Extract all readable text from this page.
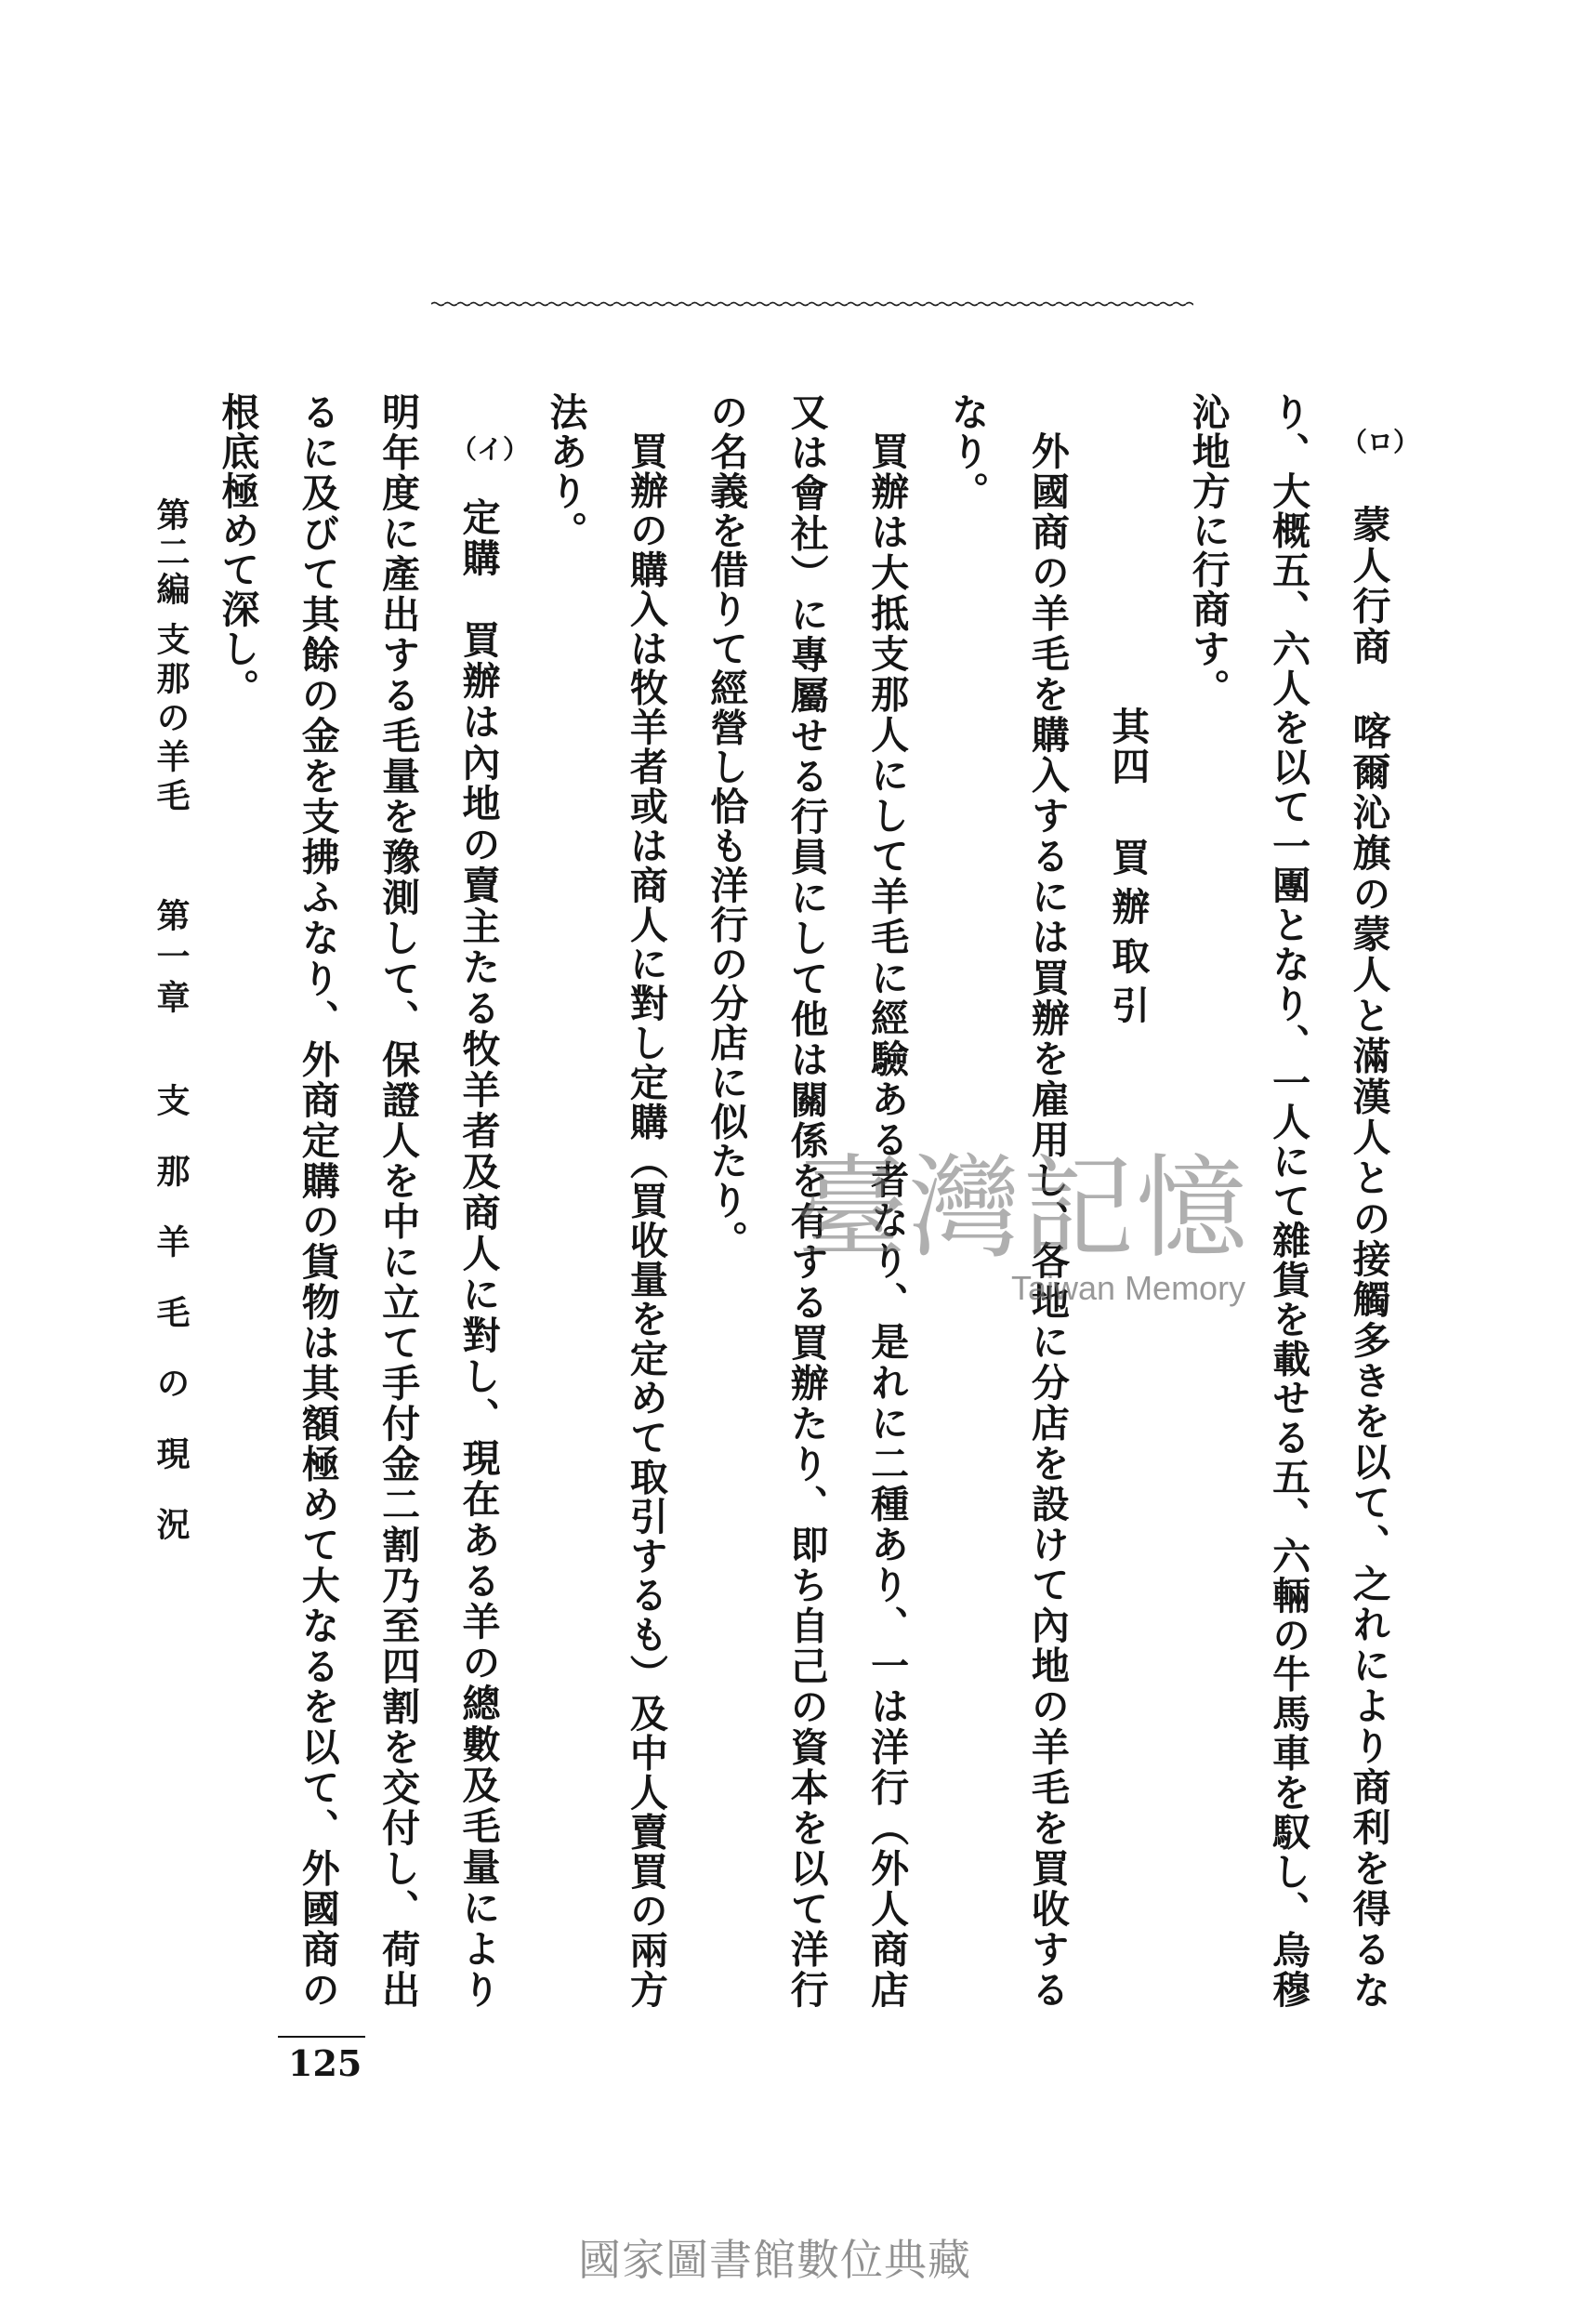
（ロ）蒙人行商喀爾沁旗の蒙人と滿漢人との接觸多きを以て、之れにより商利を得るな
り、大概五、六人を以て一團となり、一人にて雜貨を載せる五、六輛の牛馬車を馭し、烏穆
沁地方に行商す。
其四買辦取引
外國商の羊毛を購入するには買辦を雇用し、各地に分店を設けて內地の羊毛を買收する
なり。
買辦は大抵支那人にして羊毛に經驗ある者なり、是れに二種あり、一は洋行（外人商店
又は會社）に專屬せる行員にして他は關係を有する買辦たり、即ち自己の資本を以て洋行
の名義を借りて經營し恰も洋行の分店に似たり。
買辦の購入は牧羊者或は商人に對し定購（買收量を定めて取引するも）及中人賣買の兩方
法あり。
（イ）定購買辦は內地の賣主たる牧羊者及商人に對し、現在ある羊の總數及毛量により
明年度に產出する毛量を豫測して、保證人を中に立て手付金二割乃至四割を交付し、荷出
るに及びて其餘の金を支拂ふなり、外商定購の貨物は其額極めて大なるを以て、外國商の
根底極めて深し。
第二編
支那の羊毛
第一章
支那羊毛の現況
125
臺灣記憶
Taiwan Memory
國家圖書館數位典藏
